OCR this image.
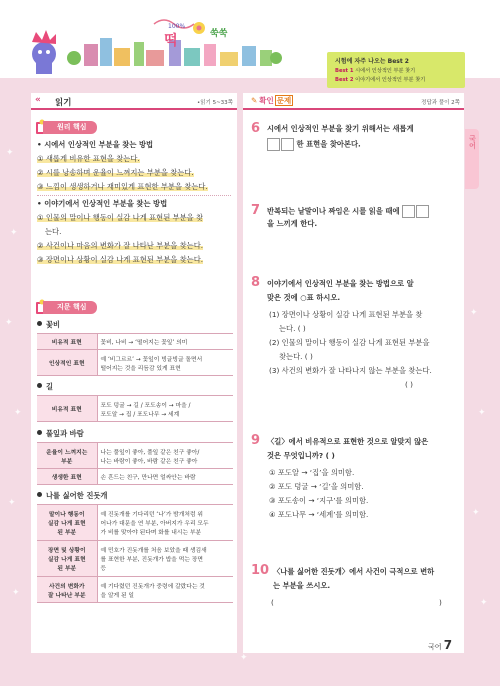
✦
✦
✦
✦
✦
✦
✦
✦
✦
✦
✦
100%
떡	쑥쑥
시험에 자주 나오는 Best 2
Best 1 시에서 인상적인 부분 찾기
Best 2 이야기에서 인상적인 부분 찾기
« 읽기	•읽기 5~33쪽
원리 핵심
• 시에서 인상적인 부분을 찾는 방법
① 새롭게 비유한 표현을 찾는다.
② 시를 낭송하며 운율이 느껴지는 부분을 찾는다.
③ 느낌이 생생하거나 재미있게 표현한 부분을 찾는다.
• 이야기에서 인상적인 부분을 찾는 방법
① 인물의 말이나 행동이 실감 나게 표현된 부분을 찾
는다.
② 사건이나 마음의 변화가 잘 나타난 부분을 찾는다.
③ 장면이나 상황이 실감 나게 표현된 부분을 찾는다.
지문 핵심
꽃비
비유적 표현	꽃비, 나비 → ‘떨어지는 꽃잎’ 의미
인상적인 표현	예 ‘비그르르’ → 꽃잎이 빙글빙글 돌면서
떨어지는 것을 리듬감 있게 표현
길
비유적 표현	포도 덩굴 → 길 / 포도송이 → 마을 /
포도알 → 집 / 포도나무 → 세계
풀잎과 바람
운율이 느껴지는
부분	나는 풀잎이 좋아, 풀잎 같은 친구 좋아/
나는 바람이 좋아, 바람 같은 친구 좋아
생생한 표현	손 흔드는 친구, 만나면 얼싸안는 바람
나를 싫어한 진돗개
말이나 행동이
실감 나게 표현
된 부분	예 진돗개를 기다리던 ‘나’가 밤개처럼 위
어나가 대문을 연 부분, 아버지가 우리 모두
가 비를 맞아야 된다며 화를 내시는 부분
장면 및 상황이
실감 나게 표현
된 부분	예 민호가 진돗개를 처음 보았을 때 생김새
를 표현한 부분, 진돗개가 밥을 먹는 장면
등
사건의 변화가
잘 나타난 부분	예 기다렸던 진돗개가 중령에 갈랐다는 것
을 알게 된 일
✎ 확인 문제	정답과 풀이 2쪽
6 시에서 인상적인 부분을 찾기 위해서는 새롭게
한 표현을 찾아본다.
7 반복되는 낱말이나 짜임은 시를 읽을 때에
을 느끼게 한다.
8 이야기에서 인상적인 부분을 찾는 방법으로 알
맞은 것에 ○표 하시오.
(1) 장면이나 상황이 실감 나게 표현된 부분을 찾
는다. ( )
(2) 인물의 말이나 행동이 실감 나게 표현된 부분을
찾는다. ( )
(3) 사건의 변화가 잘 나타나지 않는 부분을 찾는다.
( )
9 〈길〉에서 비유적으로 표현한 것으로 알맞지 않은
것은 무엇입니까? ( )
① 포도알 → ‘집’을 의미함.
② 포도 덩굴 → ‘길’을 의미함.
③ 포도송이 → ‘지구’를 의미함.
④ 포도나무 → ‘세계’를 의미함.
10 〈나를 싫어한 진돗개〉에서 사건이 극적으로 변하
는 부분을 쓰시오.
(	)
국어
국어 7
